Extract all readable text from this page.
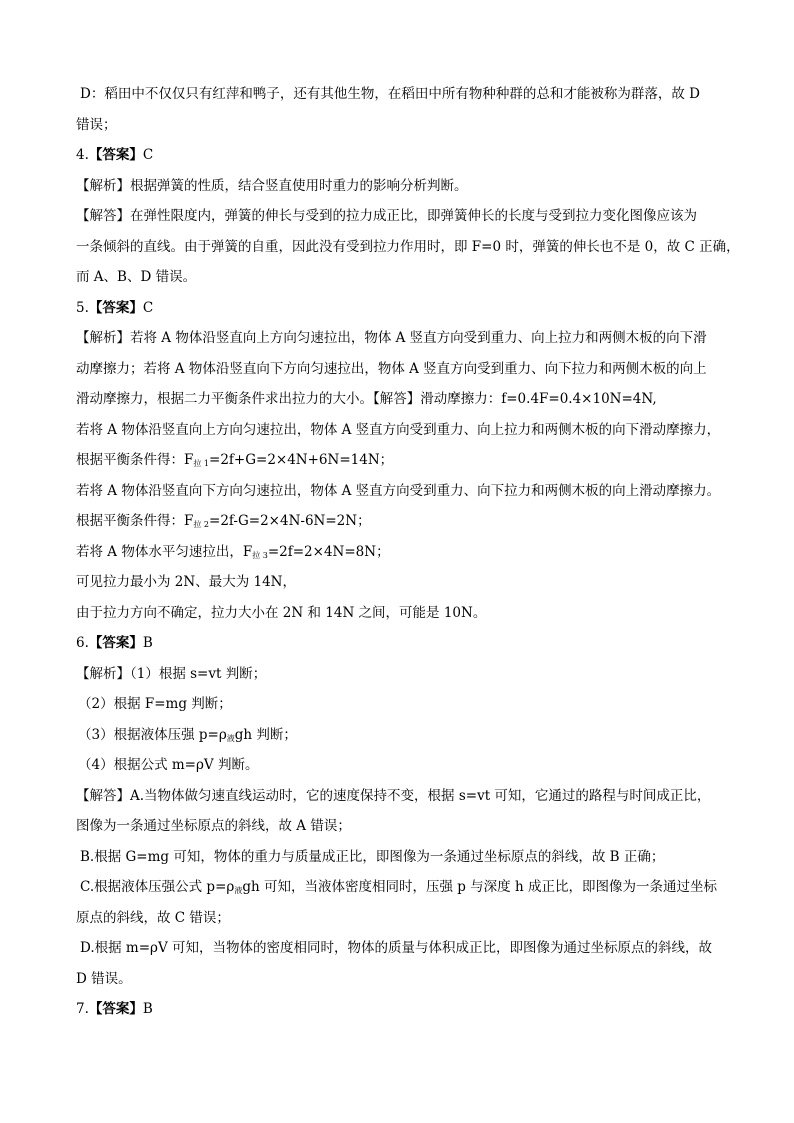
D：稻田中不仅仅只有红萍和鸭子，还有其他生物，在稻田中所有物种种群的总和才能被称为群落，故 D
错误；
4.【答案】C
【解析】根据弹簧的性质，结合竖直使用时重力的影响分析判断。
【解答】在弹性限度内，弹簧的伸长与受到的拉力成正比，即弹簧伸长的长度与受到拉力变化图像应该为
一条倾斜的直线。由于弹簧的自重，因此没有受到拉力作用时，即 F=0 时，弹簧的伸长也不是 0，故 C 正确，
而 A、B、D 错误。
5.【答案】C
【解析】若将 A 物体沿竖直向上方向匀速拉出，物体 A 竖直方向受到重力、向上拉力和两侧木板的向下滑
动摩擦力；若将 A 物体沿竖直向下方向匀速拉出，物体 A 竖直方向受到重力、向下拉力和两侧木板的向上
滑动摩擦力，根据二力平衡条件求出拉力的大小。【解答】滑动摩擦力：f=0.4F=0.4×10N=4N,
若将 A 物体沿竖直向上方向匀速拉出，物体 A 竖直方向受到重力、向上拉力和两侧木板的向下滑动摩擦力，
根据平衡条件得：$F_{拉 1}=2f+G=2\times 4N+6N=14N$；
若将 A 物体沿竖直向下方向匀速拉出，物体 A 竖直方向受到重力、向下拉力和两侧木板的向上滑动摩擦力。
根据平衡条件得：$F_{拉 2}=2f-G=2\times 4N-6N=2N$；
若将 A 物体水平匀速拉出，$F_{拉 3}=2f=2\times 4N=8N$；
可见拉力最小为 2N、最大为 14N，
由于拉力方向不确定，拉力大小在 2N 和 14N 之间，可能是 10N。
6.【答案】B
【解析】（1）根据 s=vt 判断；
（2）根据 F=mg 判断；
（3）根据液体压强 $p=\rho_液gh$ 判断；
（4）根据公式 m=ρV 判断。
【解答】A.当物体做匀速直线运动时，它的速度保持不变，根据 s=vt 可知，它通过的路程与时间成正比，
图像为一条通过坐标原点的斜线，故 A 错误；
B.根据 G=mg 可知，物体的重力与质量成正比，即图像为一条通过坐标原点的斜线，故 B 正确；
C.根据液体压强公式 $p=\rho_液gh$ 可知，当液体密度相同时，压强 p 与深度 h 成正比，即图像为一条通过坐标
原点的斜线，故 C 错误；
D.根据 m=ρV 可知，当物体的密度相同时，物体的质量与体积成正比，即图像为通过坐标原点的斜线，故
D 错误。
7.【答案】B
